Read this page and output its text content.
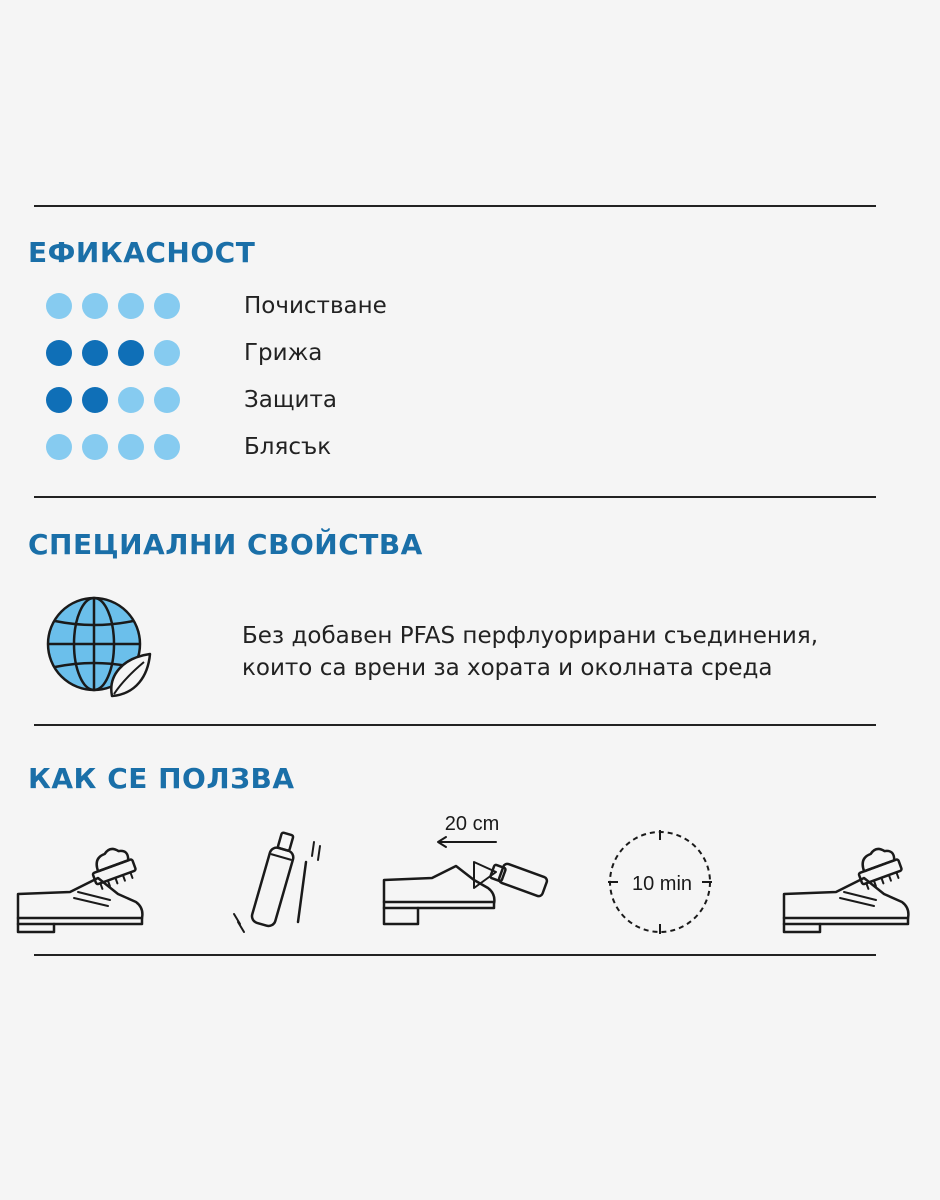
ЕФИКАСНОСТ
Почистване
Грижа
Защита
Блясък
СПЕЦИАЛНИ СВОЙСТВА
Без добавен PFAS перфлуорирани съединения,
които са врени за хората и околната среда
КАК СЕ ПОЛЗВА
20 cm
10 min
